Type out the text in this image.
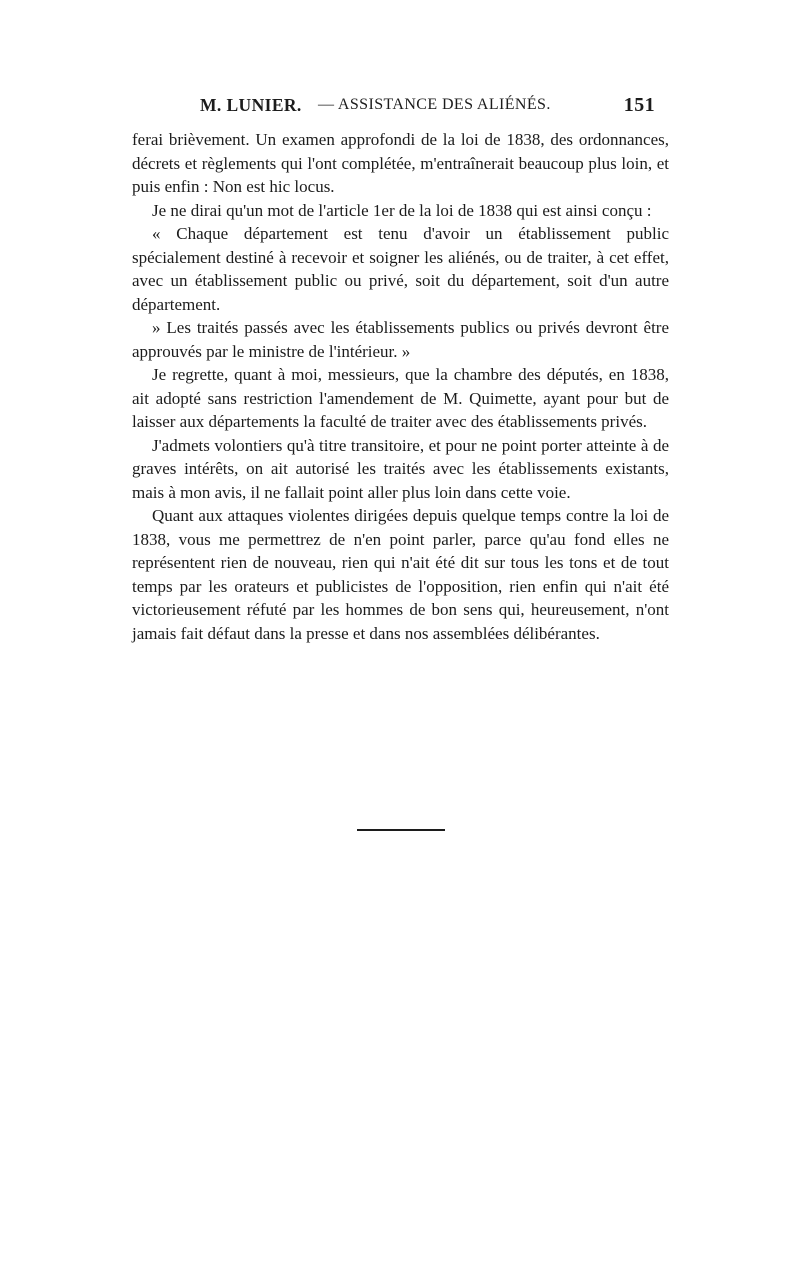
M. LUNIER. — ASSISTANCE DES ALIÉNÉS.	151

ferai brièvement. Un examen approfondi de la loi de 1838, des ordonnances, décrets et règlements qui l'ont complétée, m'entraînerait beaucoup plus loin, et puis enfin : Non est hic locus.

Je ne dirai qu'un mot de l'article 1er de la loi de 1838 qui est ainsi conçu :

« Chaque département est tenu d'avoir un établissement public spécialement destiné à recevoir et soigner les aliénés, ou de traiter, à cet effet, avec un établissement public ou privé, soit du département, soit d'un autre département.

» Les traités passés avec les établissements publics ou privés devront être approuvés par le ministre de l'intérieur. »

Je regrette, quant à moi, messieurs, que la chambre des députés, en 1838, ait adopté sans restriction l'amendement de M. Quimette, ayant pour but de laisser aux départements la faculté de traiter avec des établissements privés.

J'admets volontiers qu'à titre transitoire, et pour ne point porter atteinte à de graves intérêts, on ait autorisé les traités avec les établissements existants, mais à mon avis, il ne fallait point aller plus loin dans cette voie.

Quant aux attaques violentes dirigées depuis quelque temps contre la loi de 1838, vous me permettrez de n'en point parler, parce qu'au fond elles ne représentent rien de nouveau, rien qui n'ait été dit sur tous les tons et de tout temps par les orateurs et publicistes de l'opposition, rien enfin qui n'ait été victorieusement réfuté par les hommes de bon sens qui, heureusement, n'ont jamais fait défaut dans la presse et dans nos assemblées délibérantes.
